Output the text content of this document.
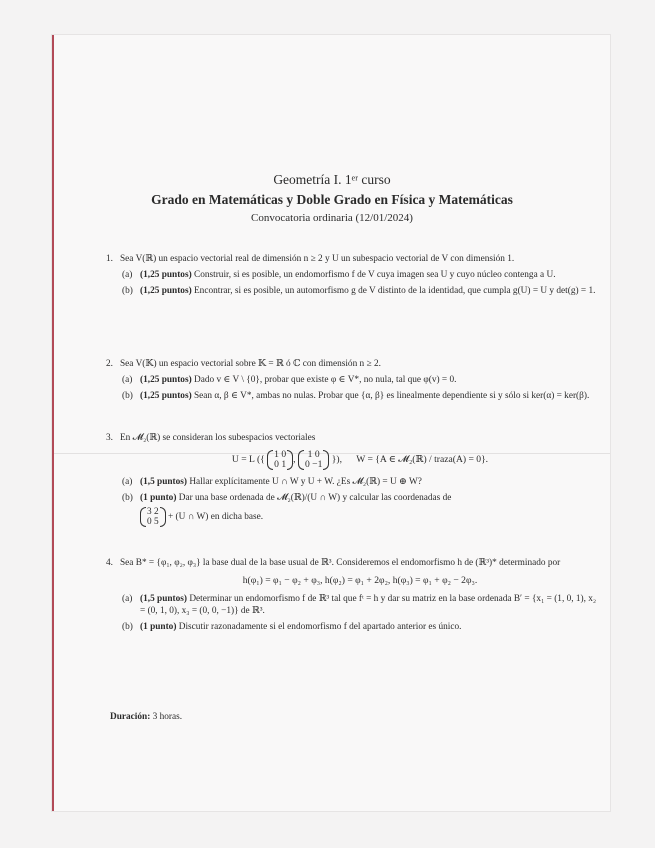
Geometría I. 1ᵉʳ curso
Grado en Matemáticas y Doble Grado en Física y Matemáticas
Convocatoria ordinaria (12/01/2024)
1. Sea V(ℝ) un espacio vectorial real de dimensión n ≥ 2 y U un subespacio vectorial de V con dimensión 1.
(a) (1,25 puntos) Construir, si es posible, un endomorfismo f de V cuya imagen sea U y cuyo núcleo contenga a U.
(b) (1,25 puntos) Encontrar, si es posible, un automorfismo g de V distinto de la identidad, que cumpla g(U) = U y det(g) = 1.
2. Sea V(𝕂) un espacio vectorial sobre 𝕂 = ℝ ó ℂ con dimensión n ≥ 2.
(a) (1,25 puntos) Dado v ∈ V \ {0}, probar que existe φ ∈ V*, no nula, tal que φ(v) = 0.
(b) (1,25 puntos) Sean α, β ∈ V*, ambas no nulas. Probar que {α, β} es linealmente dependiente si y sólo si ker(α) = ker(β).
3. En 𝓜₂(ℝ) se consideran los subespacios vectoriales
U = L ({ 1 0
0 1 , 1 0
0 −1 }),      W = {A ∈ 𝓜₂(ℝ) / traza(A) = 0}.
(a) (1,5 puntos) Hallar explícitamente U ∩ W y U + W. ¿Es 𝓜₂(ℝ) = U ⊕ W?
(b) (1 punto) Dar una base ordenada de 𝓜₂(ℝ)/(U ∩ W) y calcular las coordenadas de
3 2
0 5 + (U ∩ W) en dicha base.
4. Sea B* = {φ₁, φ₂, φ₃} la base dual de la base usual de ℝ³. Consideremos el endomorfismo h de (ℝ³)* determinado por
h(φ₁) = φ₁ − φ₂ + φ₃, h(φ₂) = φ₁ + 2φ₂, h(φ₃) = φ₁ + φ₂ − 2φ₃.
(a) (1,5 puntos) Determinar un endomorfismo f de ℝ³ tal que fᵗ = h y dar su matriz en la base ordenada B′ = {x₁ = (1, 0, 1), x₂ = (0, 1, 0), x₃ = (0, 0, −1)} de ℝ³.
(b) (1 punto) Discutir razonadamente si el endomorfismo f del apartado anterior es único.
Duración: 3 horas.
